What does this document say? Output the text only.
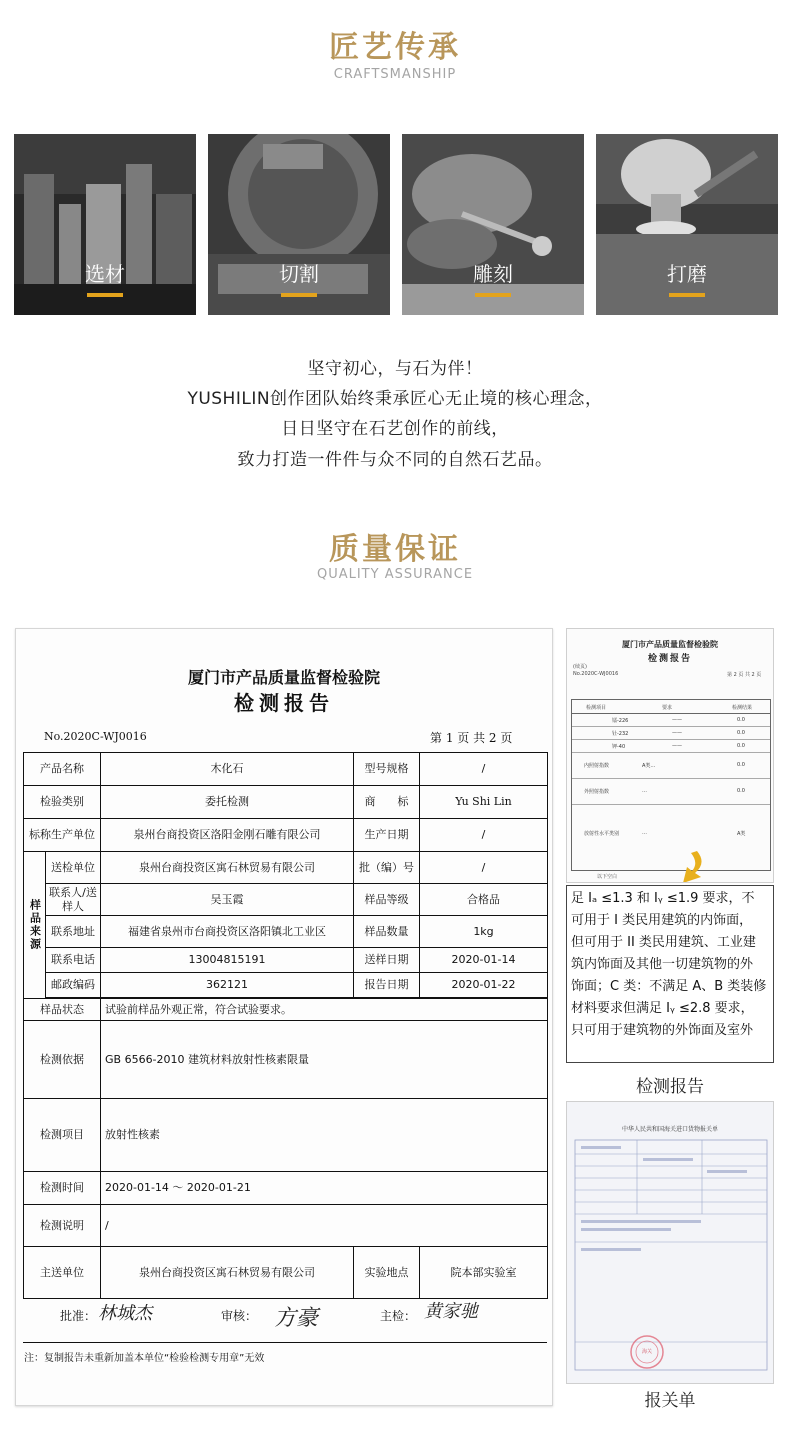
匠艺传承
CRAFTSMANSHIP
选材	切割	雕刻	打磨
坚守初心，与石为伴！
YUSHILIN创作团队始终秉承匠心无止境的核心理念，
日日坚守在石艺创作的前线，
致力打造一件件与众不同的自然石艺品。
质量保证
QUALITY ASSURANCE
厦门市产品质量监督检验院
检测报告
No.2020C-WJ0016	第 1 页 共 2 页
产品名称		木化石	型号规格	/
检验类别		委托检测	商　　标	Yu Shi Lin
标称生产单位		泉州台商投资区洛阳金刚石雕有限公司	生产日期	/

样品来源	送检单位	泉州台商投资区寓石林贸易有限公司	批（编）号	/
	联系人/送样人	吴玉霞	样品等级	合格品
	联系地址	福建省泉州市台商投资区洛阳镇北工业区	样品数量	1kg
	联系电话	13004815191	送样日期	2020-01-14
	邮政编码	362121	报告日期	2020-01-22

样品状态		试验前样品外观正常，符合试验要求。		
检测依据		GB 6566-2010 建筑材料放射性核素限量		
检测项目		放射性核素		
检测时间		2020-01-14 ～ 2020-01-21		
检测说明		/		
主送单位		泉州台商投资区寓石林贸易有限公司	实验地点	院本部实验室
批准： 林城杰	审核： 方豪	主检： 黄家驰
注：复制报告未重新加盖本单位“检验检测专用章”无效
厦门市产品质量监督检验院
检测报告
(续页)
No.2020C-WJ0016	第 2 页 共 2 页
检测项目	要求	检测结果
镭-226	——	0.0
钍-232	——	0.0
钾-40	——	0.0
内照射指数	A类…	0.0
外照射指数	…	0.0
放射性水平类别	…	A类
以下空白
足 Iₐ ≤1.3 和 Iᵧ ≤1.9 要求，不
可用于 I 类民用建筑的内饰面，
但可用于 II 类民用建筑、工业建
筑内饰面及其他一切建筑物的外
饰面；C 类：不满足 A、B 类装修
材料要求但满足 Iᵧ ≤2.8 要求，
只可用于建筑物的外饰面及室外
检测报告
中华人民共和国海关进口货物报关单
海关
报关单
